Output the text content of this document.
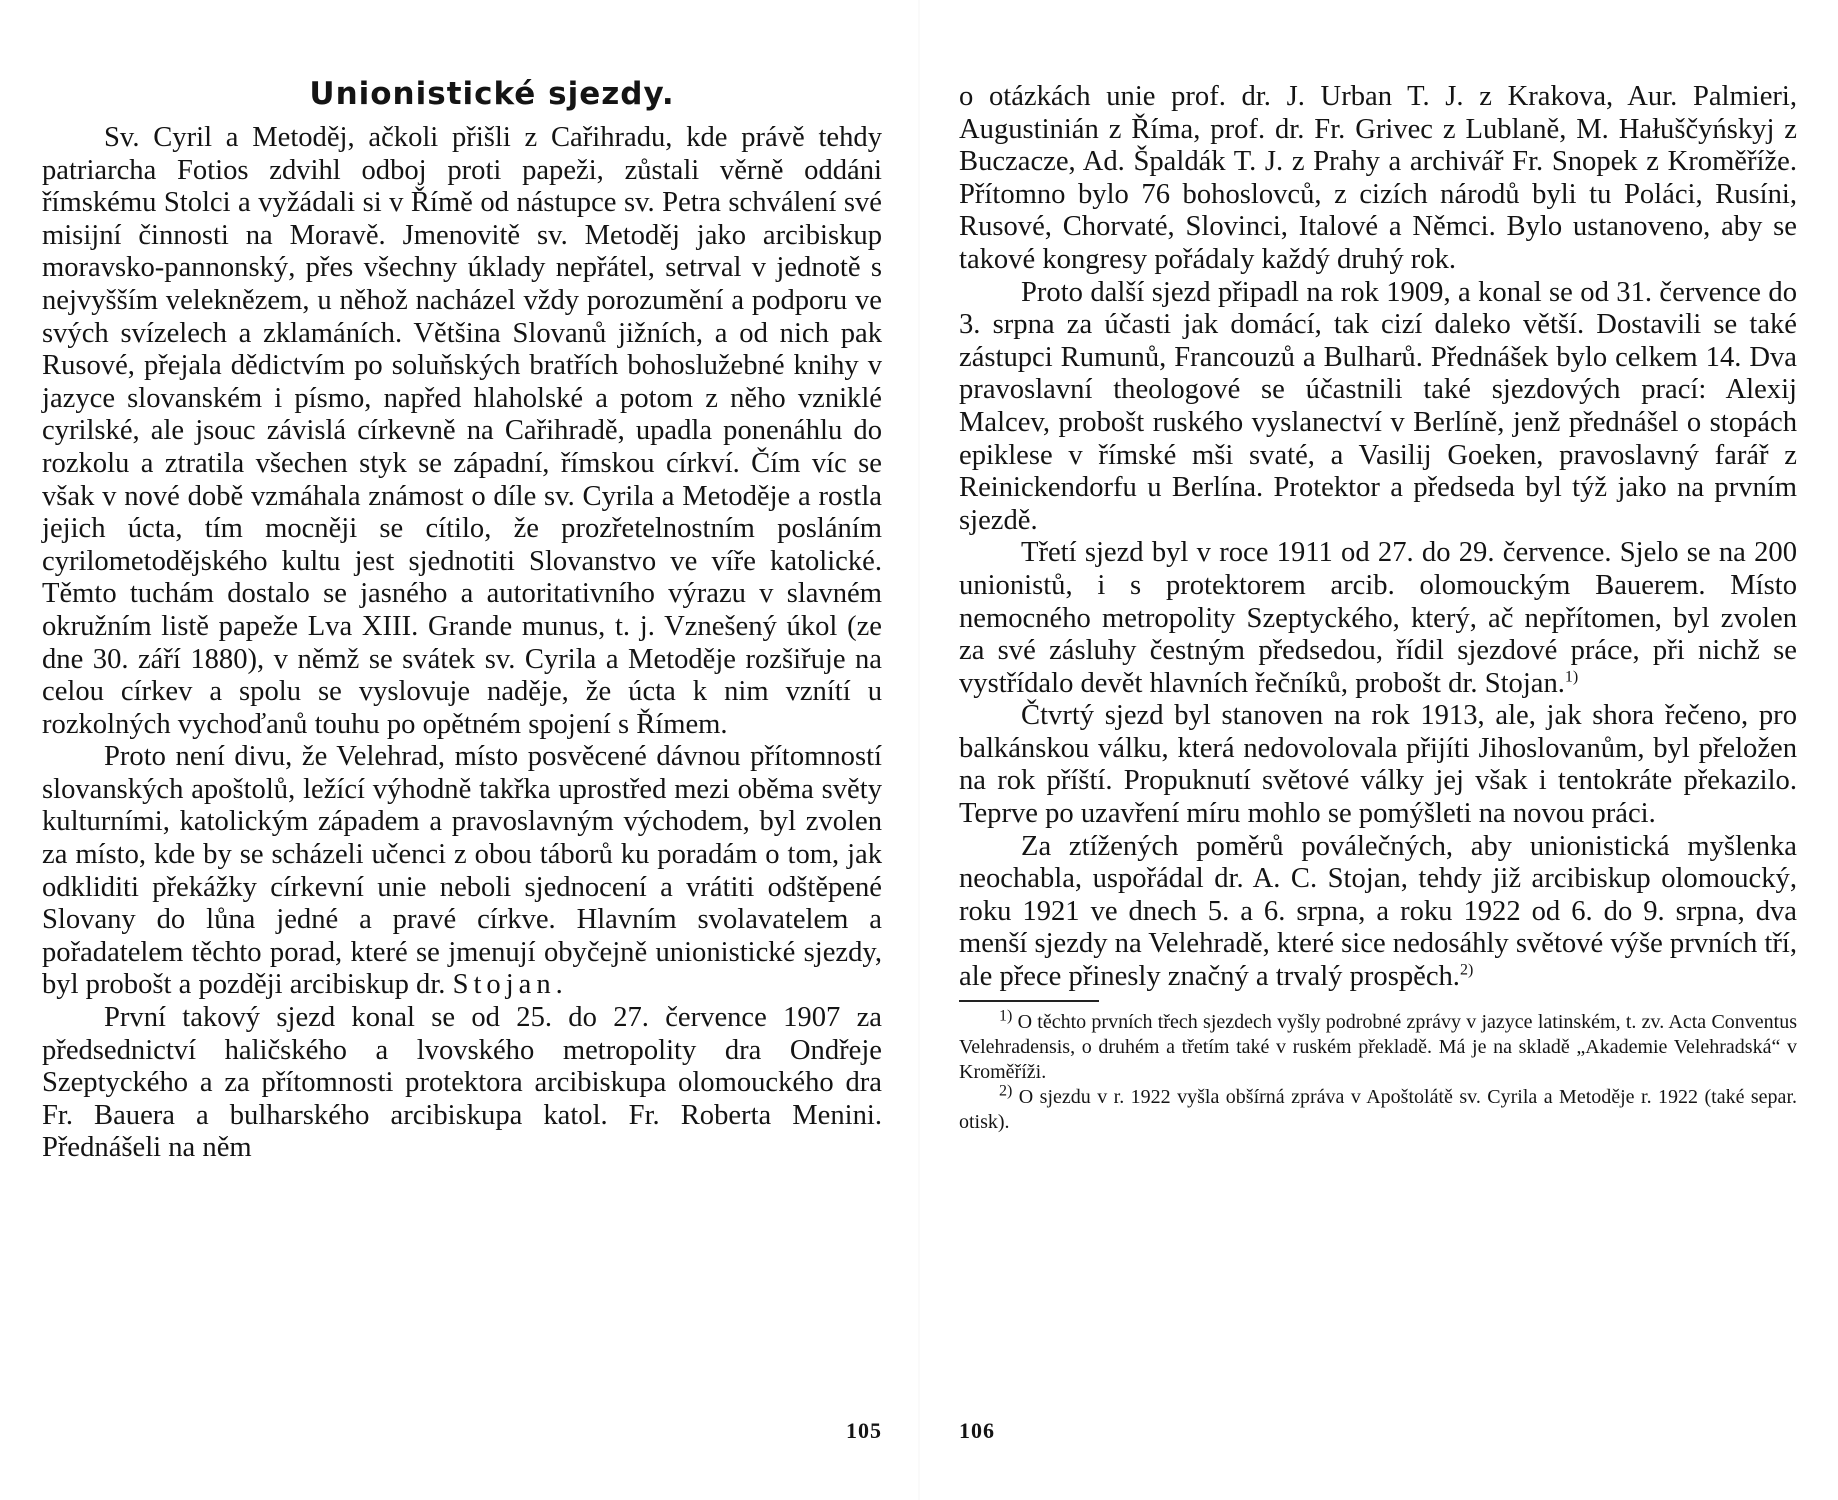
Unionistické sjezdy.

Sv. Cyril a Metoděj, ačkoli přišli z Cařihradu, kde právě tehdy patriarcha Fotios zdvihl odboj proti papeži, zůstali věrně oddáni římskému Stolci a vyžádali si v Římě od nástupce sv. Petra schválení své misijní činnosti na Moravě. Jmenovitě sv. Metoděj jako arcibiskup moravsko-pannonský, přes všechny úklady nepřátel, setrval v jednotě s nejvyšším veleknězem, u něhož nacházel vždy porozumění a podporu ve svých svízelech a zklamáních. Většina Slovanů jižních, a od nich pak Rusové, přejala dědictvím po soluňských bratřích bohoslužebné knihy v jazyce slovanském i písmo, napřed hlaholské a potom z něho vzniklé cyrilské, ale jsouc závislá církevně na Cařihradě, upadla ponenáhlu do rozkolu a ztratila všechen styk se západní, římskou církví. Čím víc se však v nové době vzmáhala známost o díle sv. Cyrila a Metoděje a rostla jejich úcta, tím mocněji se cítilo, že prozřetelnostním posláním cyrilometodějského kultu jest sjednotiti Slovanstvo ve víře katolické. Těmto tuchám dostalo se jasného a autoritativního výrazu v slavném okružním listě papeže Lva XIII. Grande munus, t. j. Vznešený úkol (ze dne 30. září 1880), v němž se svátek sv. Cyrila a Metoděje rozšiřuje na celou církev a spolu se vyslovuje naděje, že úcta k nim vznítí u rozkolných vychoďanů touhu po opětném spojení s Římem.

Proto není divu, že Velehrad, místo posvěcené dávnou přítomností slovanských apoštolů, ležící výhodně takřka uprostřed mezi oběma světy kulturními, katolickým západem a pravoslavným východem, byl zvolen za místo, kde by se scházeli učenci z obou táborů ku poradám o tom, jak odkliditi překážky církevní unie neboli sjednocení a vrátiti odštěpené Slovany do lůna jedné a pravé církve. Hlavním svolavatelem a pořadatelem těchto porad, které se jmenují obyčejně unionistické sjezdy, byl probošt a později arcibiskup dr. Stojan.

První takový sjezd konal se od 25. do 27. července 1907 za předsednictví haličského a lvovského metropolity dra Ondřeje Szeptyckého a za přítomnosti protektora arcibiskupa olomouckého dra Fr. Bauera a bulharského arcibiskupa katol. Fr. Roberta Menini. Přednášeli na něm

105

o otázkách unie prof. dr. J. Urban T. J. z Krakova, Aur. Palmieri, Augustinián z Říma, prof. dr. Fr. Grivec z Lublaně, M. Hałuščyńskyj z Buczacze, Ad. Špaldák T. J. z Prahy a archivář Fr. Snopek z Kroměříže. Přítomno bylo 76 bohoslovců, z cizích národů byli tu Poláci, Rusíni, Rusové, Chorvaté, Slovinci, Italové a Němci. Bylo ustanoveno, aby se takové kongresy pořádaly každý druhý rok.

Proto další sjezd připadl na rok 1909, a konal se od 31. července do 3. srpna za účasti jak domácí, tak cizí daleko větší. Dostavili se také zástupci Rumunů, Francouzů a Bulharů. Přednášek bylo celkem 14. Dva pravoslavní theologové se účastnili také sjezdových prací: Alexij Malcev, probošt ruského vyslanectví v Berlíně, jenž přednášel o stopách epiklese v římské mši svaté, a Vasilij Goeken, pravoslavný farář z Reinickendorfu u Berlína. Protektor a předseda byl týž jako na prvním sjezdě.

Třetí sjezd byl v roce 1911 od 27. do 29. července. Sjelo se na 200 unionistů, i s protektorem arcib. olomouckým Bauerem. Místo nemocného metropolity Szeptyckého, který, ač nepřítomen, byl zvolen za své zásluhy čestným předsedou, řídil sjezdové práce, při nichž se vystřídalo devět hlavních řečníků, probošt dr. Stojan.$^{1)}$

Čtvrtý sjezd byl stanoven na rok 1913, ale, jak shora řečeno, pro balkánskou válku, která nedovolovala přijíti Jihoslovanům, byl přeložen na rok příští. Propuknutí světové války jej však i tentokráte překazilo. Teprve po uzavření míru mohlo se pomýšleti na novou práci.

Za ztížených poměrů poválečných, aby unionistická myšlenka neochabla, uspořádal dr. A. C. Stojan, tehdy již arcibiskup olomoucký, roku 1921 ve dnech 5. a 6. srpna, a roku 1922 od 6. do 9. srpna, dva menší sjezdy na Velehradě, které sice nedosáhly světové výše prvních tří, ale přece přinesly značný a trvalý prospěch.$^{2)}$

$^{1)}$ O těchto prvních třech sjezdech vyšly podrobné zprávy v jazyce latinském, t. zv. Acta Conventus Velehradensis, o druhém a třetím také v ruském překladě. Má je na skladě „Akademie Velehradská“ v Kroměříži.

$^{2)}$ O sjezdu v r. 1922 vyšla obšírná zpráva v Apoštolátě sv. Cyrila a Metoděje r. 1922 (také separ. otisk).

106
